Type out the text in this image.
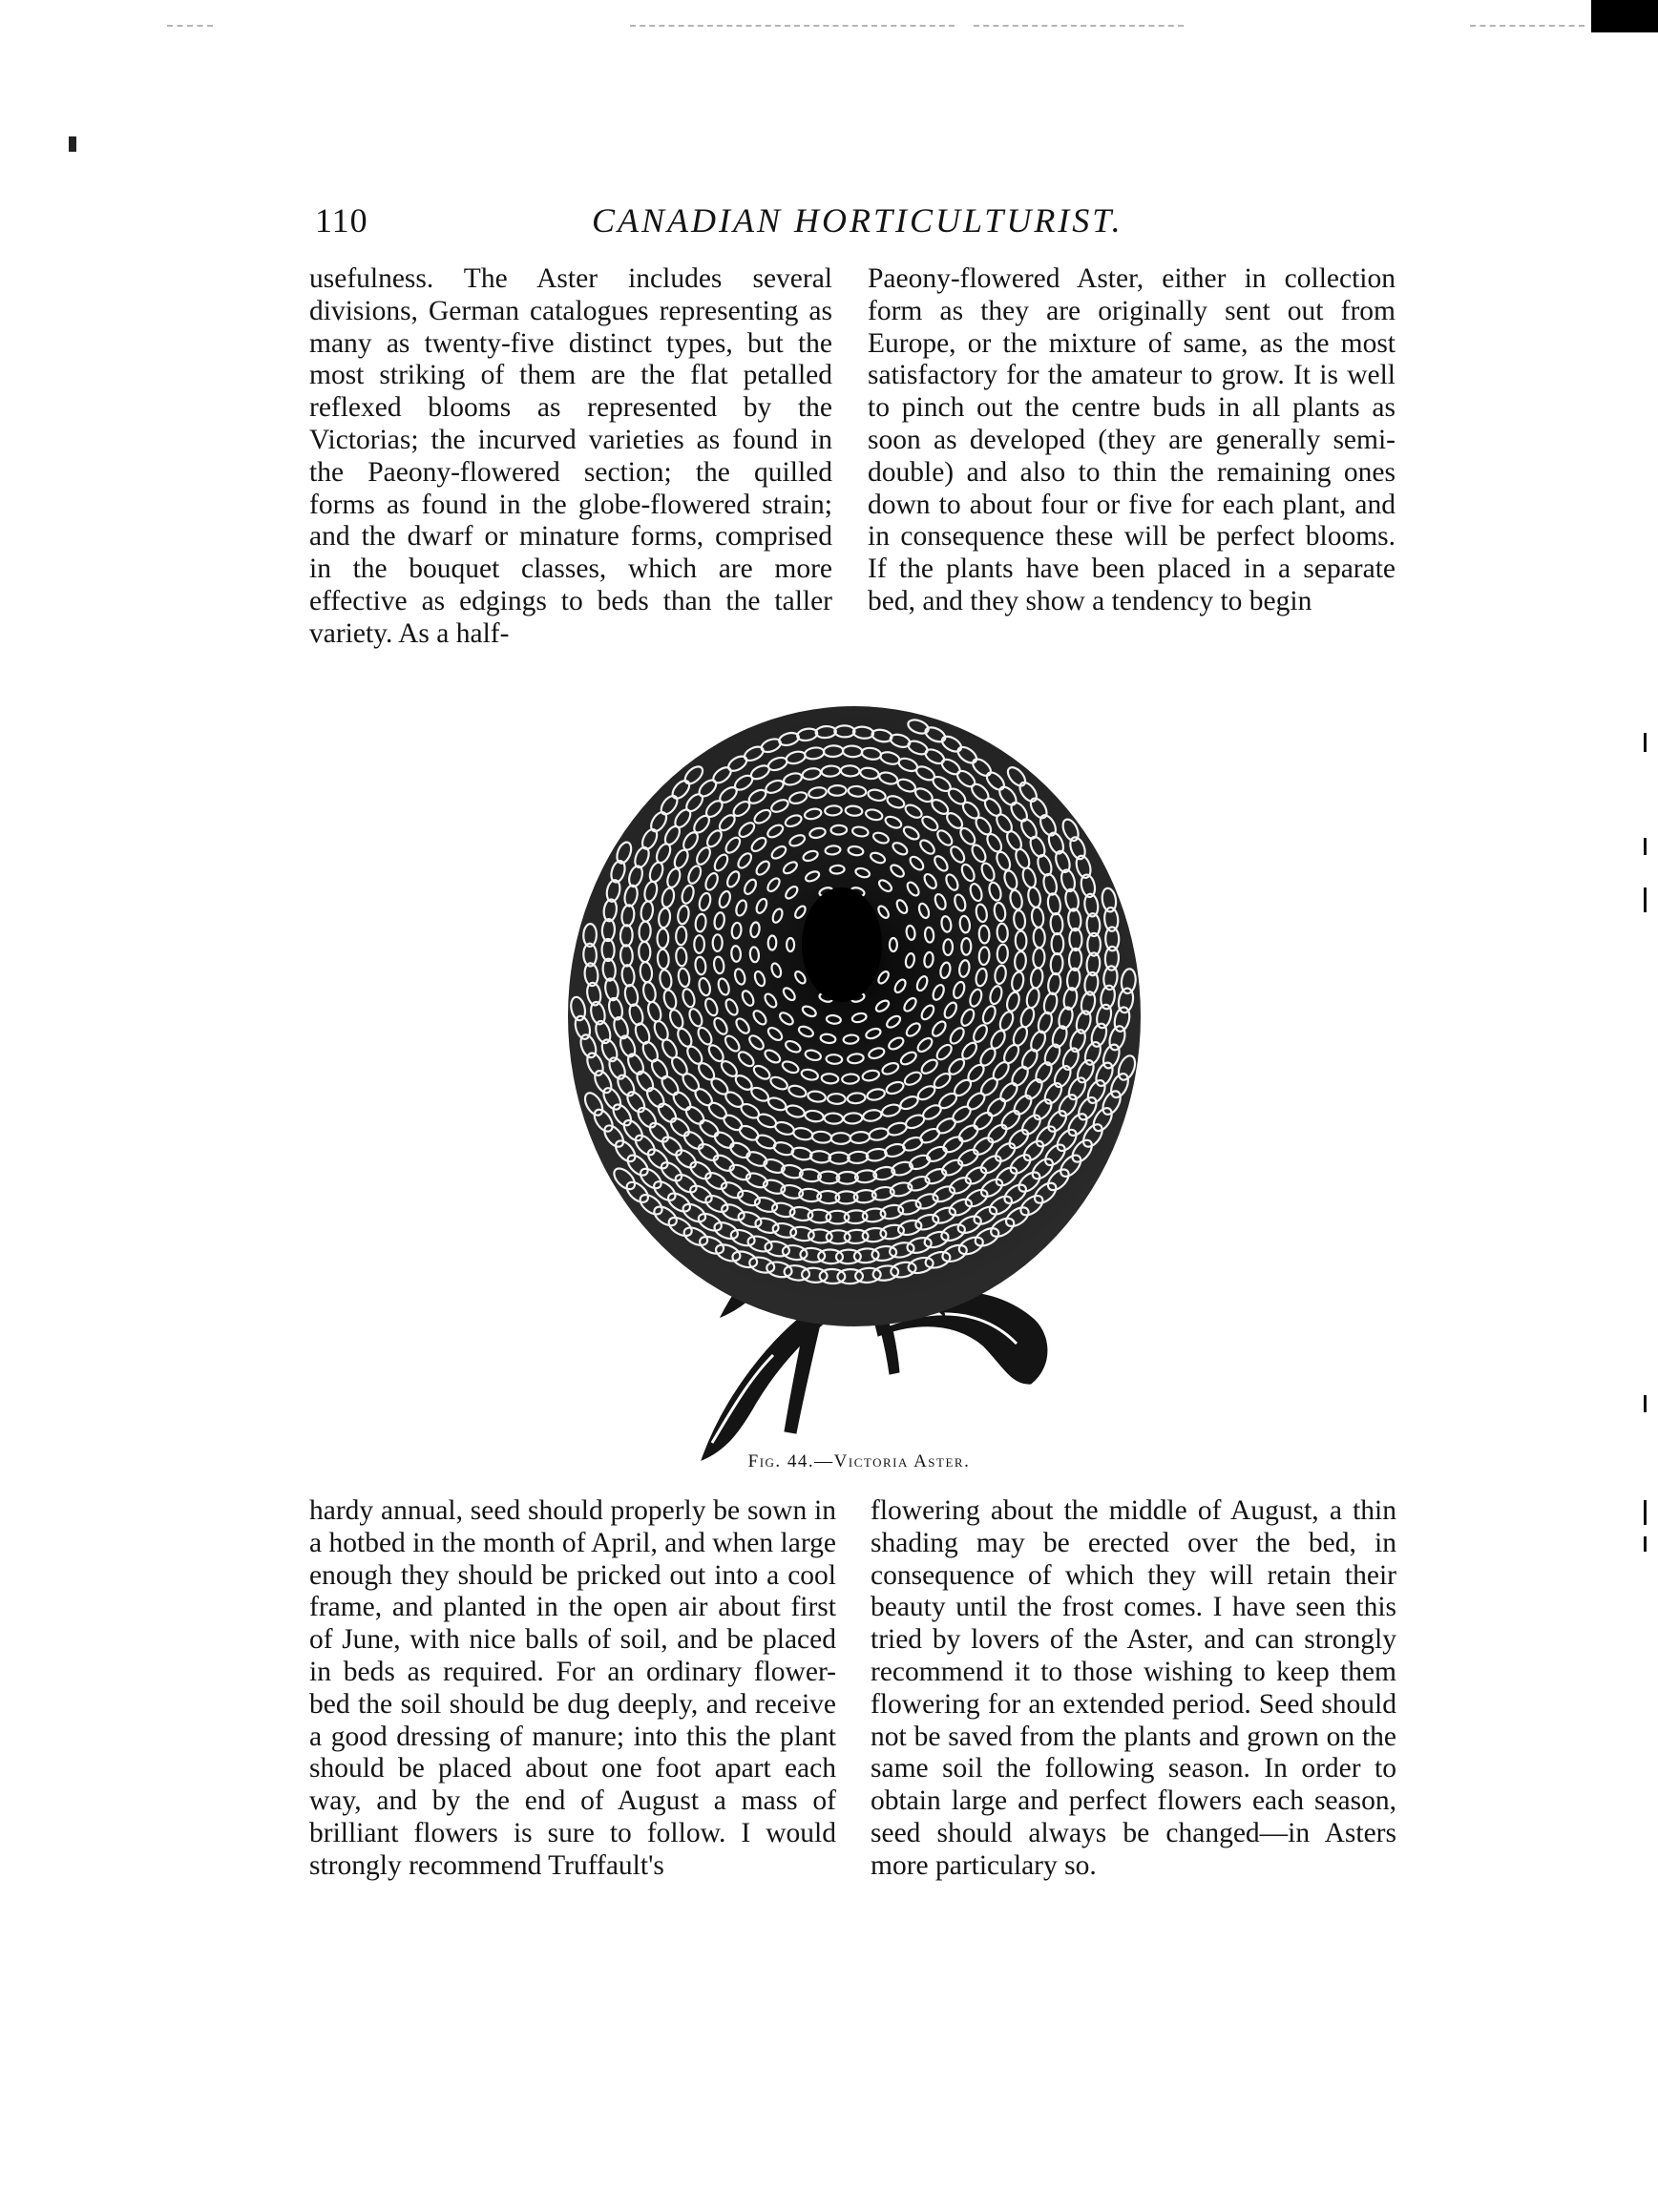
110	CANADIAN HORTICULTURIST.

usefulness. The Aster includes several divisions, German catalogues representing as many as twenty-five distinct types, but the most striking of them are the flat petalled reflexed blooms as represented by the Victorias; the incurved varieties as found in the Paeony-flowered section; the quilled forms as found in the globe-flowered strain; and the dwarf or minature forms, comprised in the bouquet classes, which are more effective as edgings to beds than the taller variety. As a half-

Paeony-flowered Aster, either in collection form as they are originally sent out from Europe, or the mixture of same, as the most satisfactory for the amateur to grow. It is well to pinch out the centre buds in all plants as soon as developed (they are generally semi-double) and also to thin the remaining ones down to about four or five for each plant, and in consequence these will be perfect blooms. If the plants have been placed in a separate bed, and they show a tendency to begin

Fig. 44.—Victoria Aster.

hardy annual, seed should properly be sown in a hotbed in the month of April, and when large enough they should be pricked out into a cool frame, and planted in the open air about first of June, with nice balls of soil, and be placed in beds as required. For an ordinary flower-bed the soil should be dug deeply, and receive a good dressing of manure; into this the plant should be placed about one foot apart each way, and by the end of August a mass of brilliant flowers is sure to follow. I would strongly recommend Truffault's

flowering about the middle of August, a thin shading may be erected over the bed, in consequence of which they will retain their beauty until the frost comes. I have seen this tried by lovers of the Aster, and can strongly recommend it to those wishing to keep them flowering for an extended period. Seed should not be saved from the plants and grown on the same soil the following season. In order to obtain large and perfect flowers each season, seed should always be changed—in Asters more particulary so.
